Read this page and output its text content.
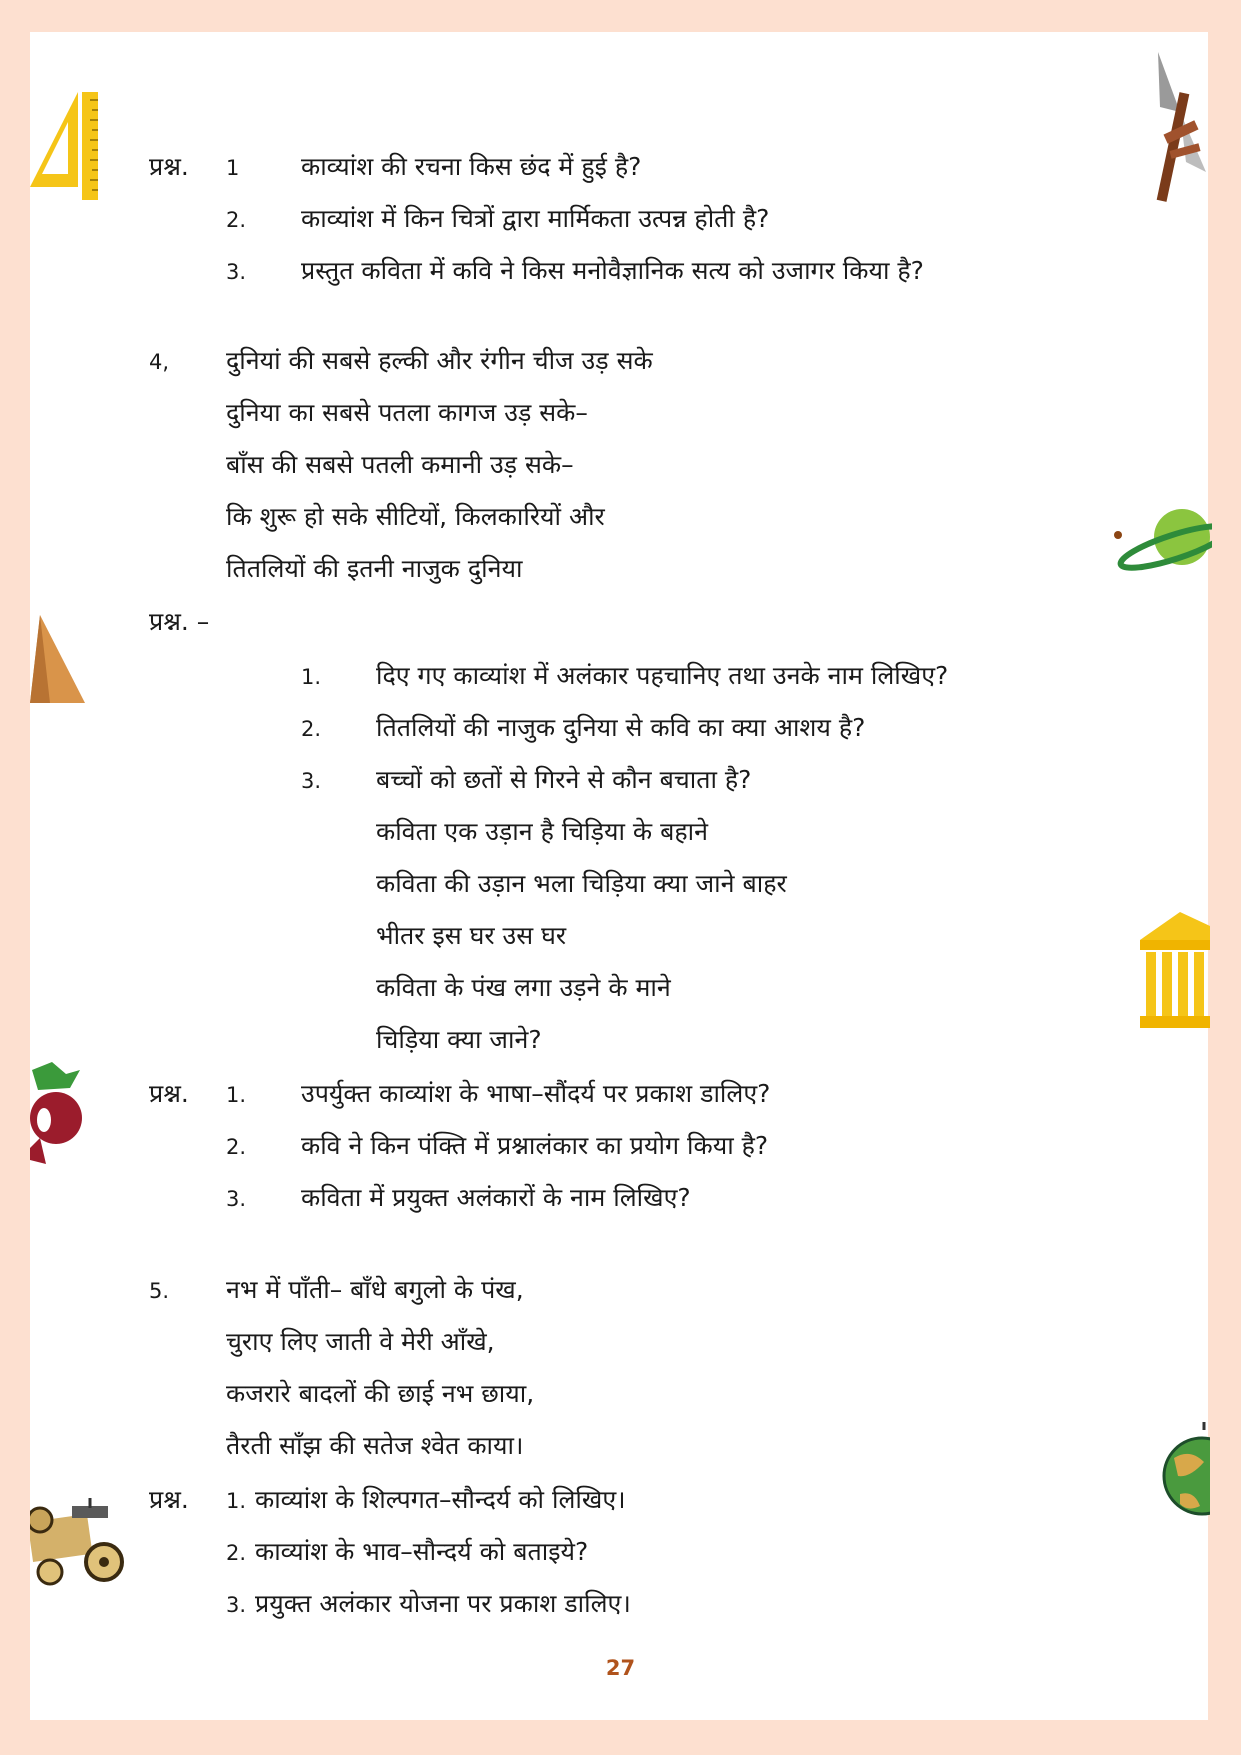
प्रश्न. 1 काव्यांश की रचना किस छंद में हुई है?
2. काव्यांश में किन चित्रों द्वारा मार्मिकता उत्पन्न होती है?
3. प्रस्तुत कविता में कवि ने किस मनोवैज्ञानिक सत्य को उजागर किया है?
4, दुनियां की सबसे हल्की और रंगीन चीज उड़ सके
दुनिया का सबसे पतला कागज उड़ सके–
बाँस की सबसे पतली कमानी उड़ सके–
कि शुरू हो सके सीटियों, किलकारियों और
तितलियों की इतनी नाजुक दुनिया
प्रश्न. –
1. दिए गए काव्यांश में अलंकार पहचानिए तथा उनके नाम लिखिए?
2. तितलियों की नाजुक दुनिया से कवि का क्या आशय है?
3. बच्चों को छतों से गिरने से कौन बचाता है?
कविता एक उड़ान है चिड़िया के बहाने
कविता की उड़ान भला चिड़िया क्या जाने बाहर
भीतर इस घर उस घर
कविता के पंख लगा उड़ने के माने
चिड़िया क्या जाने?
प्रश्न. 1. उपर्युक्त काव्यांश के भाषा–सौंदर्य पर प्रकाश डालिए?
2. कवि ने किन पंक्ति में प्रश्नालंकार का प्रयोग किया है?
3. कविता में प्रयुक्त अलंकारों के नाम लिखिए?
5. नभ में पाँती– बाँधे बगुलो के पंख,
चुराए लिए जाती वे मेरी आँखे,
कजरारे बादलों की छाई नभ छाया,
तैरती साँझ की सतेज श्वेत काया।
प्रश्न. 1. काव्यांश के शिल्पगत–सौन्दर्य को लिखिए।
2. काव्यांश के भाव–सौन्दर्य को बताइये?
3. प्रयुक्त अलंकार योजना पर प्रकाश डालिए।
27
